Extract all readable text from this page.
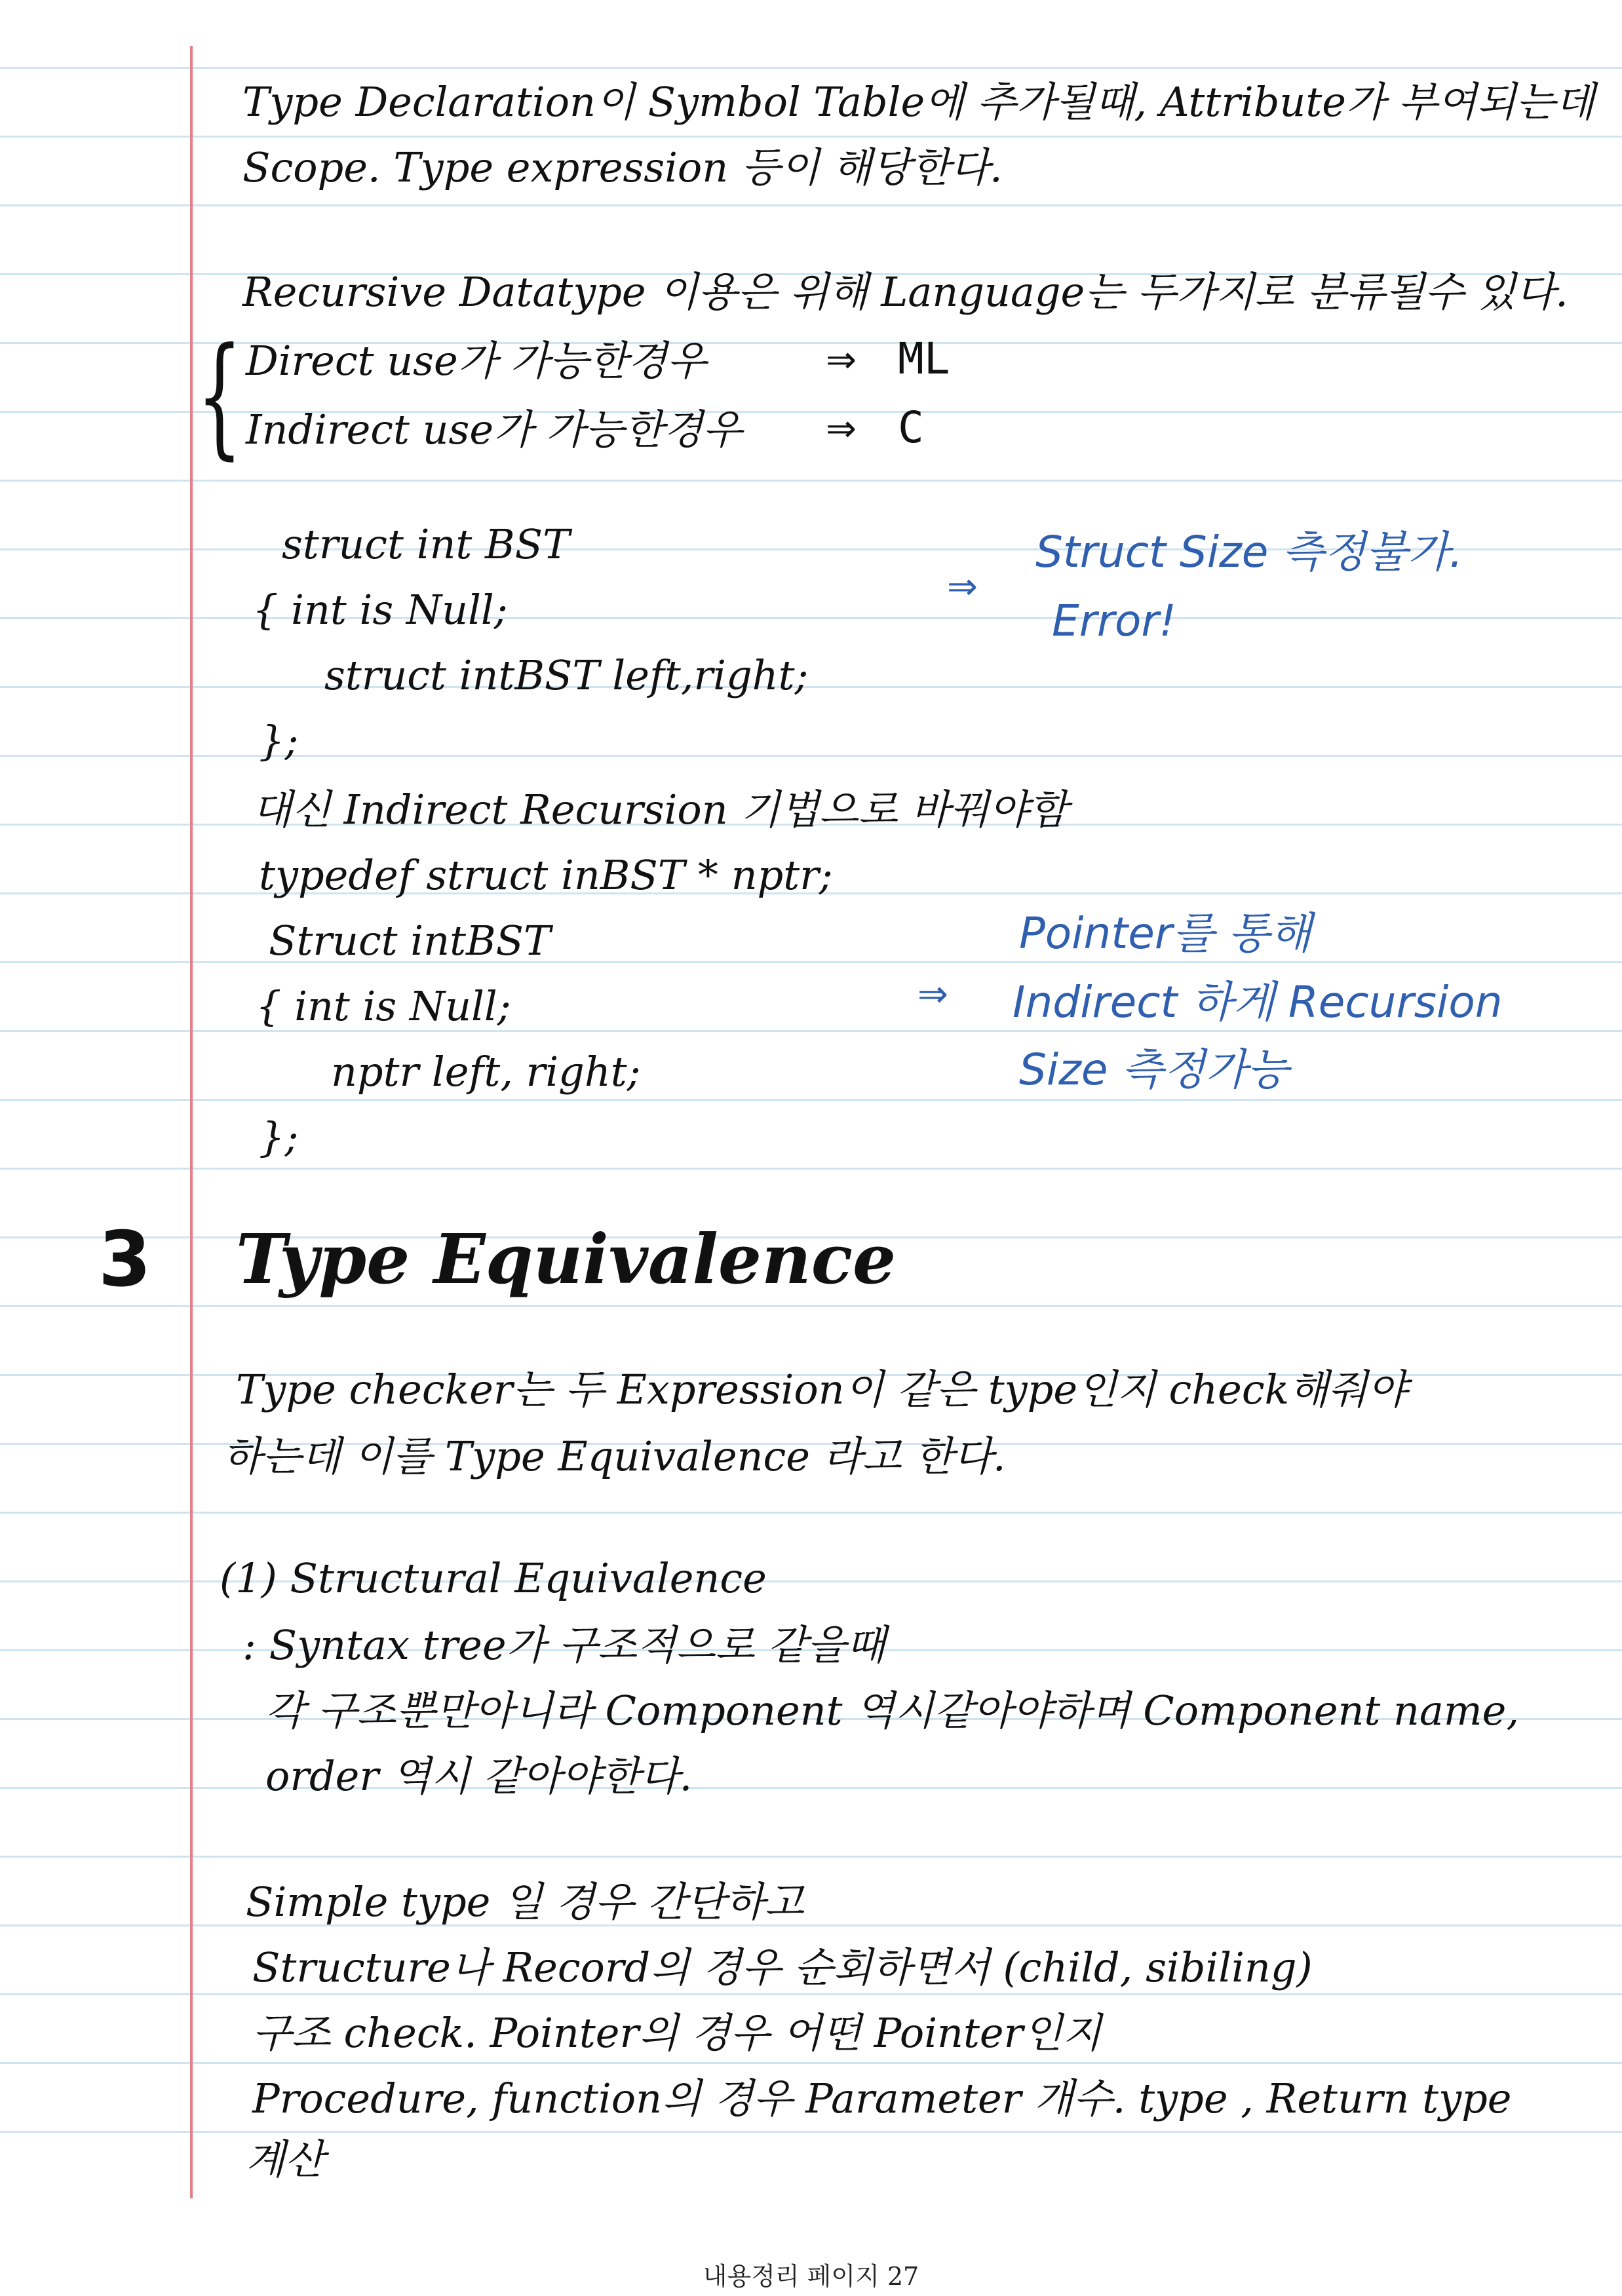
Type Declaration이 Symbol Table에 추가될때, Attribute가 부여되는데
Scope. Type expression 등이 해당한다.
Recursive Datatype 이용은 위해 Language는 두가지로 분류될수 있다.
{ Direct use가 가능한경우	⇒ ML
Indirect use가 가능한경우 ⇒ C
struct int BST
{ int is Null;
struct intBST left,right;
};
⇒
Struct Size 측정불가.
Error!
대신 Indirect Recursion 기법으로 바꿔야함
typedef struct inBST * nptr;
Struct intBST
{ int is Null;
nptr left, right;
};
⇒
Pointer를 통해
Indirect 하게 Recursion
Size 측정가능
3 Type Equivalence
Type checker는 두 Expression이 같은 type인지 check해줘야
하는데 이를 Type Equivalence 라고 한다.
(1) Structural Equivalence
: Syntax tree가 구조적으로 같을때
각 구조뿐만아니라 Component 역시같아야하며 Component name,
order 역시 같아야한다.
Simple type 일 경우 간단하고
Structure나 Record의 경우 순회하면서 (child, sibiling)
구조 check. Pointer의 경우 어떤 Pointer인지
Procedure, function의 경우 Parameter 개수. type , Return type
계산
내용정리 페이지 27
